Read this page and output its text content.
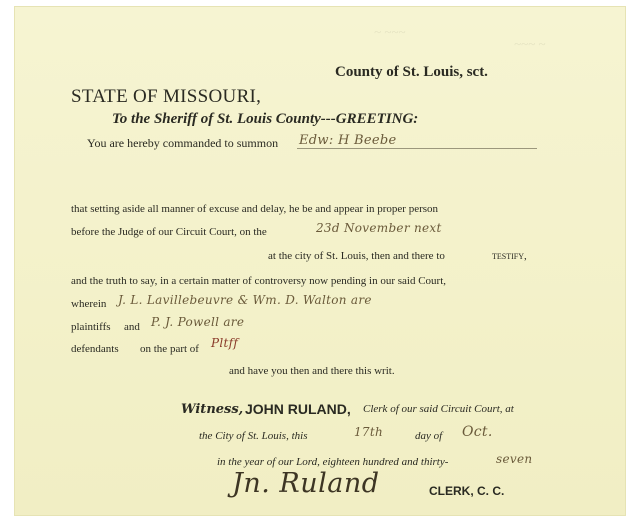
~ ~~~
~~~ ~
County of St. Louis, sct.
STATE OF MISSOURI,
To the Sheriff of St. Louis County---GREETING:
You are hereby commanded to summon Edw: H Beebe
that setting aside all manner of excuse and delay, he be and appear in proper person
before the Judge of our Circuit Court, on the	23d November next
at the city of St. Louis, then and there to	testify,
and the truth to say, in a certain matter of controversy now pending in our said Court,
wherein J. L. Lavillebeuvre & Wm. D. Walton are
plaintiffs and P. J. Powell are
defendants on the part of Pltff
and have you then and there this writ.
Witness, JOHN RULAND, Clerk of our said Circuit Court, at
the City of St. Louis, this	17th	day of Oct.
in the year of our Lord, eighteen hundred and thirty-	seven
Jn. Ruland	CLERK, C. C.
